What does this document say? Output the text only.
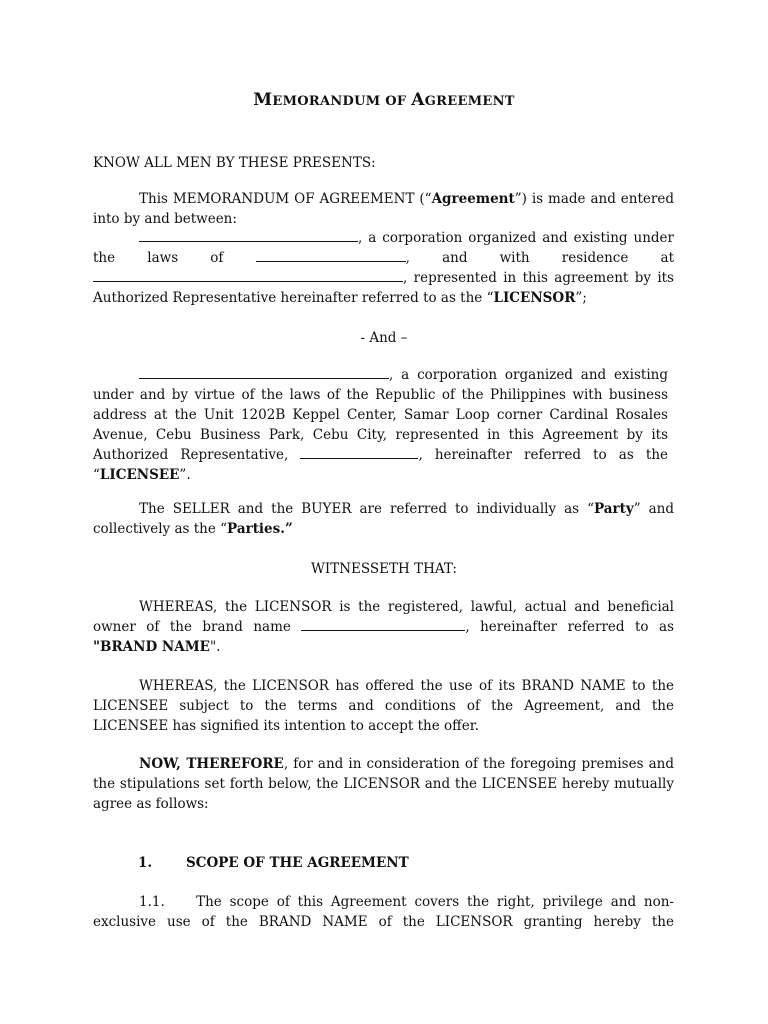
MEMORANDUM OF AGREEMENT
KNOW ALL MEN BY THESE PRESENTS:
This MEMORANDUM OF AGREEMENT (“Agreement”) is made and entered into by and between:
, a corporation organized and existing under the laws of	, and with residence at , represented in this agreement by its Authorized Representative hereinafter referred to as the “LICENSOR”;
- And –
, a corporation organized and existing under and by virtue of the laws of the Republic of the Philippines with business address at the Unit 1202B Keppel Center, Samar Loop corner Cardinal Rosales Avenue, Cebu Business Park, Cebu City, represented in this Agreement by its Authorized Representative,	, hereinafter referred to as the “LICENSEE”.
The SELLER and the BUYER are referred to individually as “Party” and collectively as the “Parties.”
WITNESSETH THAT:
WHEREAS, the LICENSOR is the registered, lawful, actual and beneficial owner of the brand name	, hereinafter referred to as "BRAND NAME".
WHEREAS, the LICENSOR has offered the use of its BRAND NAME to the LICENSEE subject to the terms and conditions of the Agreement, and the LICENSEE has signified its intention to accept the offer.
NOW, THEREFORE, for and in consideration of the foregoing premises and the stipulations set forth below, the LICENSOR and the LICENSEE hereby mutually agree as follows:
1.	SCOPE OF THE AGREEMENT
1.1.    The scope of this Agreement covers the right, privilege and non-exclusive use of the BRAND NAME of the LICENSOR granting hereby the
